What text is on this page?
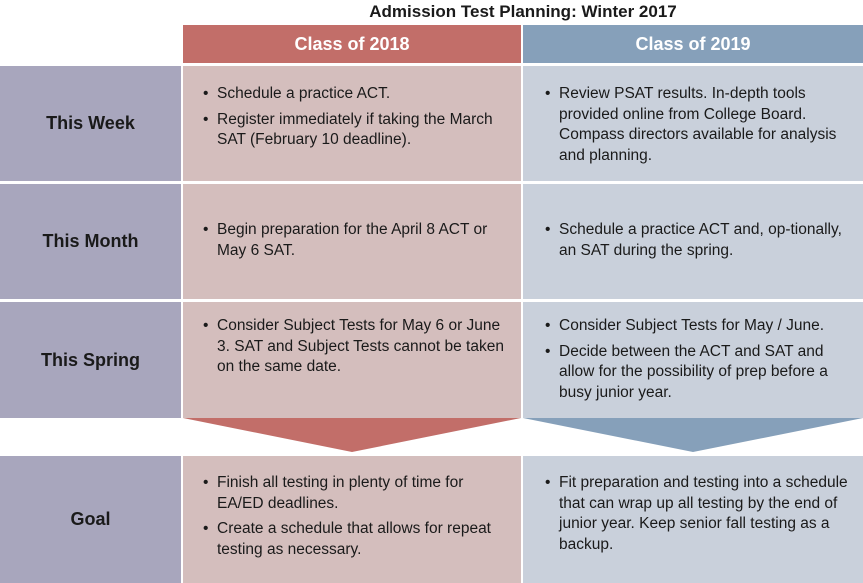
Admission Test Planning: Winter 2017
Class of 2018	Class of 2019
This Week
• Schedule a practice ACT.
• Register immediately if taking the March SAT (February 10 deadline).
• Review PSAT results. In-depth tools provided online from College Board. Compass directors available for analysis and planning.
This Month
• Begin preparation for the April 8 ACT or May 6 SAT.
• Schedule a practice ACT and, op-tionally, an SAT during the spring.
This Spring
• Consider Subject Tests for May 6 or June 3. SAT and Subject Tests cannot be taken on the same date.
• Consider Subject Tests for May / June.
• Decide between the ACT and SAT and allow for the possibility of prep before a busy junior year.
Goal
• Finish all testing in plenty of time for EA/ED deadlines.
• Create a schedule that allows for repeat testing as necessary.
• Fit preparation and testing into a schedule that can wrap up all testing by the end of junior year. Keep senior fall testing as a backup.
